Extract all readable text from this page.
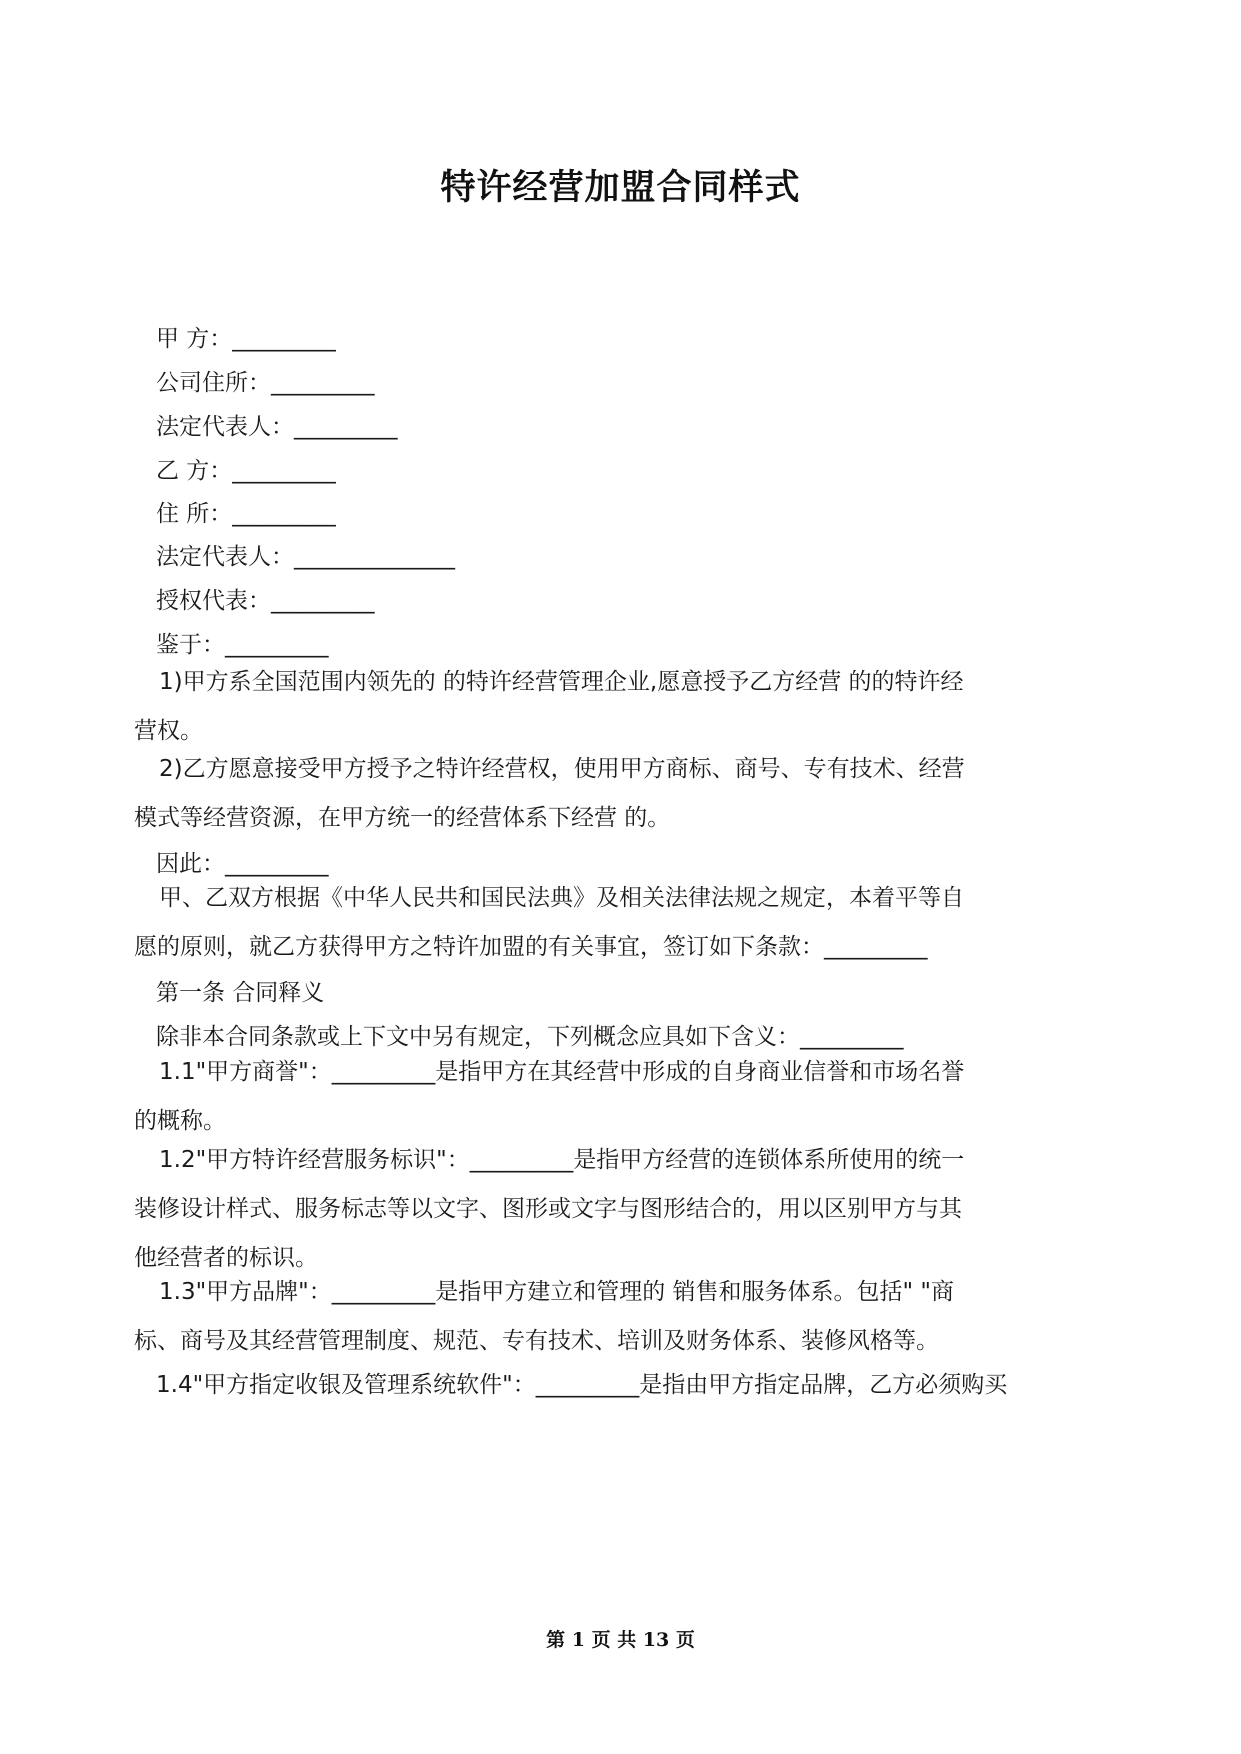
特许经营加盟合同样式
甲 方：_________
公司住所：_________
法定代表人：_________
乙 方：_________
住 所：_________
法定代表人：______________
授权代表：_________
鉴于：_________
1)甲方系全国范围内领先的 的特许经营管理企业,愿意授予乙方经营 的的特许经营权。
2)乙方愿意接受甲方授予之特许经营权，使用甲方商标、商号、专有技术、经营模式等经营资源，在甲方统一的经营体系下经营 的。
因此：_________
甲、乙双方根据《中华人民共和国民法典》及相关法律法规之规定，本着平等自愿的原则，就乙方获得甲方之特许加盟的有关事宜，签订如下条款：_________
第一条 合同释义
除非本合同条款或上下文中另有规定，下列概念应具如下含义：_________
1.1"甲方商誉"：_________是指甲方在其经营中形成的自身商业信誉和市场名誉的概称。
1.2"甲方特许经营服务标识"：_________是指甲方经营的连锁体系所使用的统一装修设计样式、服务标志等以文字、图形或文字与图形结合的，用以区别甲方与其他经营者的标识。
1.3"甲方品牌"：_________是指甲方建立和管理的 销售和服务体系。包括" "商标、商号及其经营管理制度、规范、专有技术、培训及财务体系、装修风格等。
1.4"甲方指定收银及管理系统软件"：_________是指由甲方指定品牌，乙方必须购买
第 1 页 共 13 页
